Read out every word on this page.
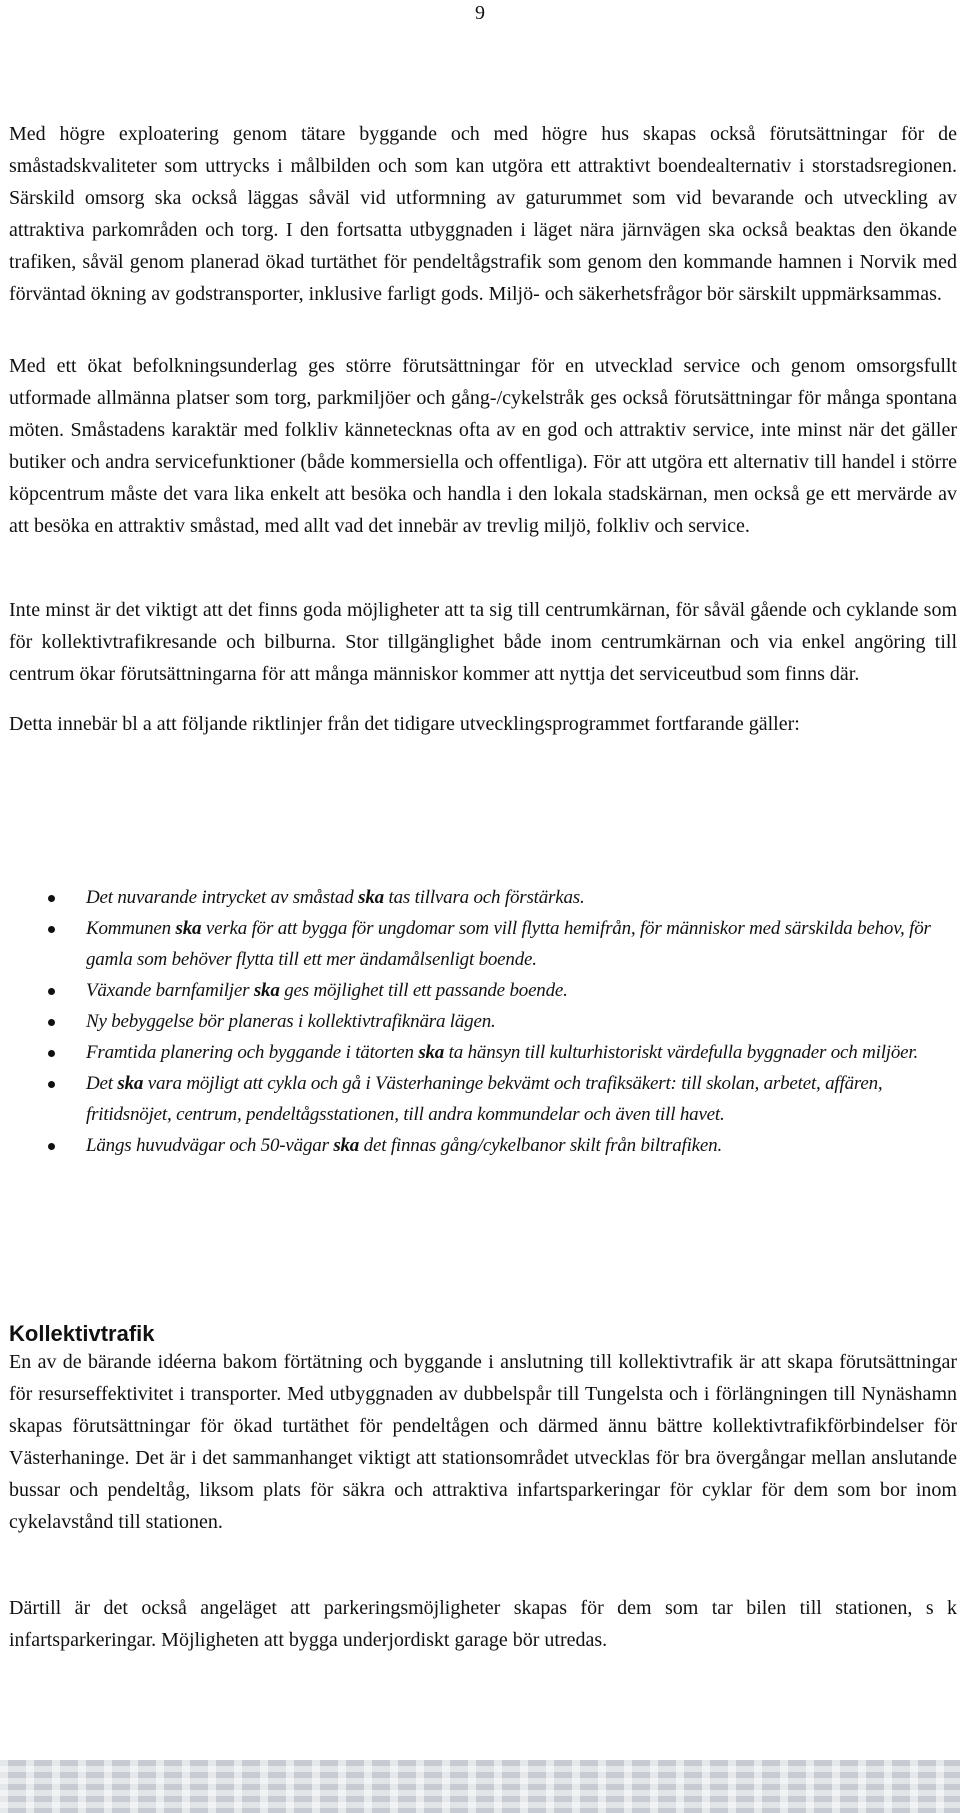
9

Med högre exploatering genom tätare byggande och med högre hus skapas också förutsättningar för de småstadskvaliteter som uttrycks i målbilden och som kan utgöra ett attraktivt boendealternativ i storstadsregionen. Särskild omsorg ska också läggas såväl vid utformning av gaturummet som vid bevarande och utveckling av attraktiva parkområden och torg. I den fortsatta utbyggnaden i läget nära järnvägen ska också beaktas den ökande trafiken, såväl genom planerad ökad turtäthet för pendeltågstrafik som genom den kommande hamnen i Norvik med förväntad ökning av godstransporter, inklusive farligt gods. Miljö- och säkerhetsfrågor bör särskilt uppmärksammas.

Med ett ökat befolkningsunderlag ges större förutsättningar för en utvecklad service och genom omsorgsfullt utformade allmänna platser som torg, parkmiljöer och gång-/cykelstråk ges också förutsättningar för många spontana möten. Småstadens karaktär med folkliv kännetecknas ofta av en god och attraktiv service, inte minst när det gäller butiker och andra servicefunktioner (både kommersiella och offentliga). För att utgöra ett alternativ till handel i större köpcentrum måste det vara lika enkelt att besöka och handla i den lokala stadskärnan, men också ge ett mervärde av att besöka en attraktiv småstad, med allt vad det innebär av trevlig miljö, folkliv och service.

Inte minst är det viktigt att det finns goda möjligheter att ta sig till centrumkärnan, för såväl gående och cyklande som för kollektivtrafikresande och bilburna. Stor tillgänglighet både inom centrumkärnan och via enkel angöring till centrum ökar förutsättningarna för att många människor kommer att nyttja det serviceutbud som finns där.

Detta innebär bl a att följande riktlinjer från det tidigare utvecklingsprogrammet fortfarande gäller:

Det nuvarande intrycket av småstad ska tas tillvara och förstärkas.
Kommunen ska verka för att bygga för ungdomar som vill flytta hemifrån, för människor med särskilda behov, för gamla som behöver flytta till ett mer ändamålsenligt boende.
Växande barnfamiljer ska ges möjlighet till ett passande boende.
Ny bebyggelse bör planeras i kollektivtrafiknära lägen.
Framtida planering och byggande i tätorten ska ta hänsyn till kulturhistoriskt värdefulla byggnader och miljöer.
Det ska vara möjligt att cykla och gå i Västerhaninge bekvämt och trafiksäkert: till skolan, arbetet, affären, fritidsnöjet, centrum, pendeltågsstationen, till andra kommundelar och även till havet.
Längs huvudvägar och 50-vägar ska det finnas gång/cykelbanor skilt från biltrafiken.
Kollektivtrafik

En av de bärande idéerna bakom förtätning och byggande i anslutning till kollektivtrafik är att skapa förutsättningar för resurseffektivitet i transporter. Med utbyggnaden av dubbelspår till Tungelsta och i förlängningen till Nynäshamn skapas förutsättningar för ökad turtäthet för pendeltågen och därmed ännu bättre kollektivtrafikförbindelser för Västerhaninge. Det är i det sammanhanget viktigt att stationsområdet utvecklas för bra övergångar mellan anslutande bussar och pendeltåg, liksom plats för säkra och attraktiva infartsparkeringar för cyklar för dem som bor inom cykelavstånd till stationen.

Därtill är det också angeläget att parkeringsmöjligheter skapas för dem som tar bilen till stationen, s k infartsparkeringar. Möjligheten att bygga underjordiskt garage bör utredas.
